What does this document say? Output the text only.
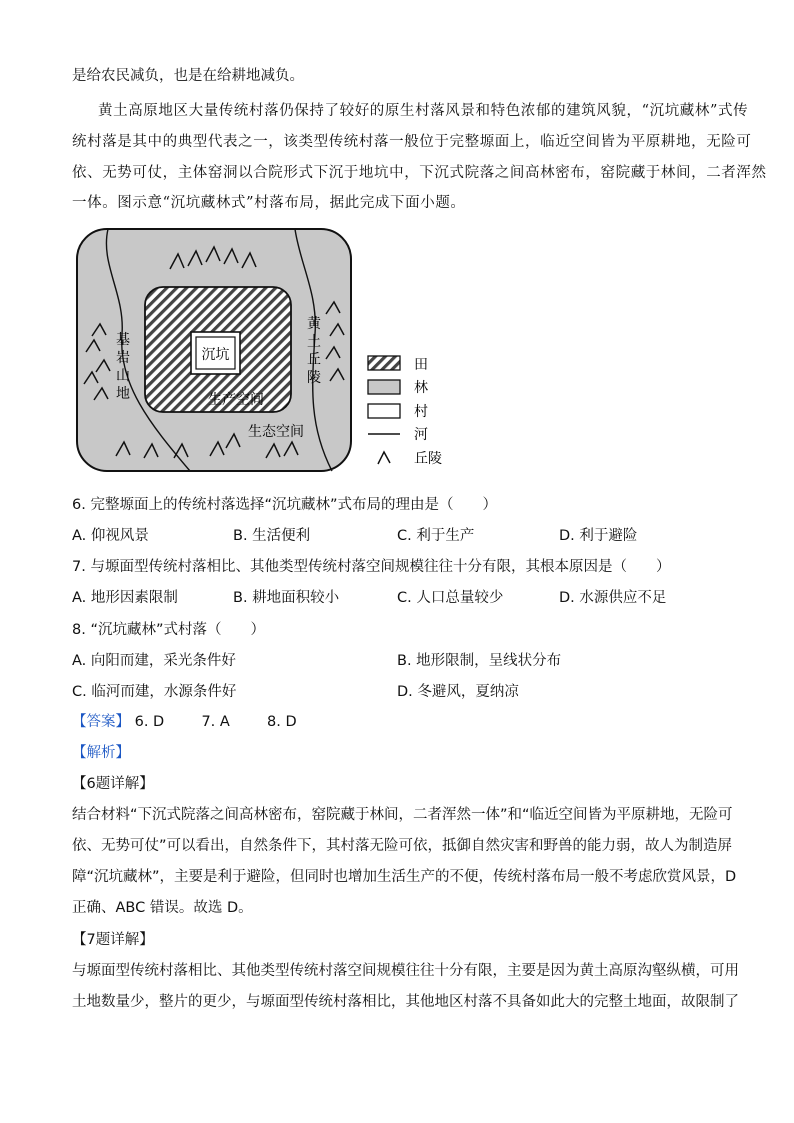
是给农民减负，也是在给耕地减负。
黄土高原地区大量传统村落仍保持了较好的原生村落风景和特色浓郁的建筑风貌，“沉坑藏林”式传
统村落是其中的典型代表之一，该类型传统村落一般位于完整塬面上，临近空间皆为平原耕地，无险可
依、无势可仗，主体窑洞以合院形式下沉于地坑中，下沉式院落之间高林密布，窑院藏于林间，二者浑然
一体。图示意“沉坑藏林式”村落布局，据此完成下面小题。
沉坑
生产空间
生态空间
基
岩
山
地
黄
土
丘
陵
田
林
村
河
丘陵
6. 完整塬面上的传统村落选择“沉坑藏林”式布局的理由是（　　）
A. 仰视风景	B. 生活便利	C. 利于生产	D. 利于避险
7. 与塬面型传统村落相比、其他类型传统村落空间规模往往十分有限，其根本原因是（　　）
A. 地形因素限制	B. 耕地面积较小	C. 人口总量较少	D. 水源供应不足
8. “沉坑藏林”式村落（　　）
A. 向阳而建，采光条件好	B. 地形限制，呈线状分布
C. 临河而建，水源条件好	D. 冬避风，夏纳凉
【答案】 6. D	7. A	8. D
【解析】
【6题详解】
结合材料“下沉式院落之间高林密布，窑院藏于林间，二者浑然一体”和“临近空间皆为平原耕地，无险可
依、无势可仗”可以看出，自然条件下，其村落无险可依，抵御自然灾害和野兽的能力弱，故人为制造屏
障“沉坑藏林”，主要是利于避险，但同时也增加生活生产的不便，传统村落布局一般不考虑欣赏风景，D
正确、ABC 错误。故选 D。
【7题详解】
与塬面型传统村落相比、其他类型传统村落空间规模往往十分有限，主要是因为黄土高原沟壑纵横，可用
土地数量少，整片的更少，与塬面型传统村落相比，其他地区村落不具备如此大的完整土地面，故限制了
